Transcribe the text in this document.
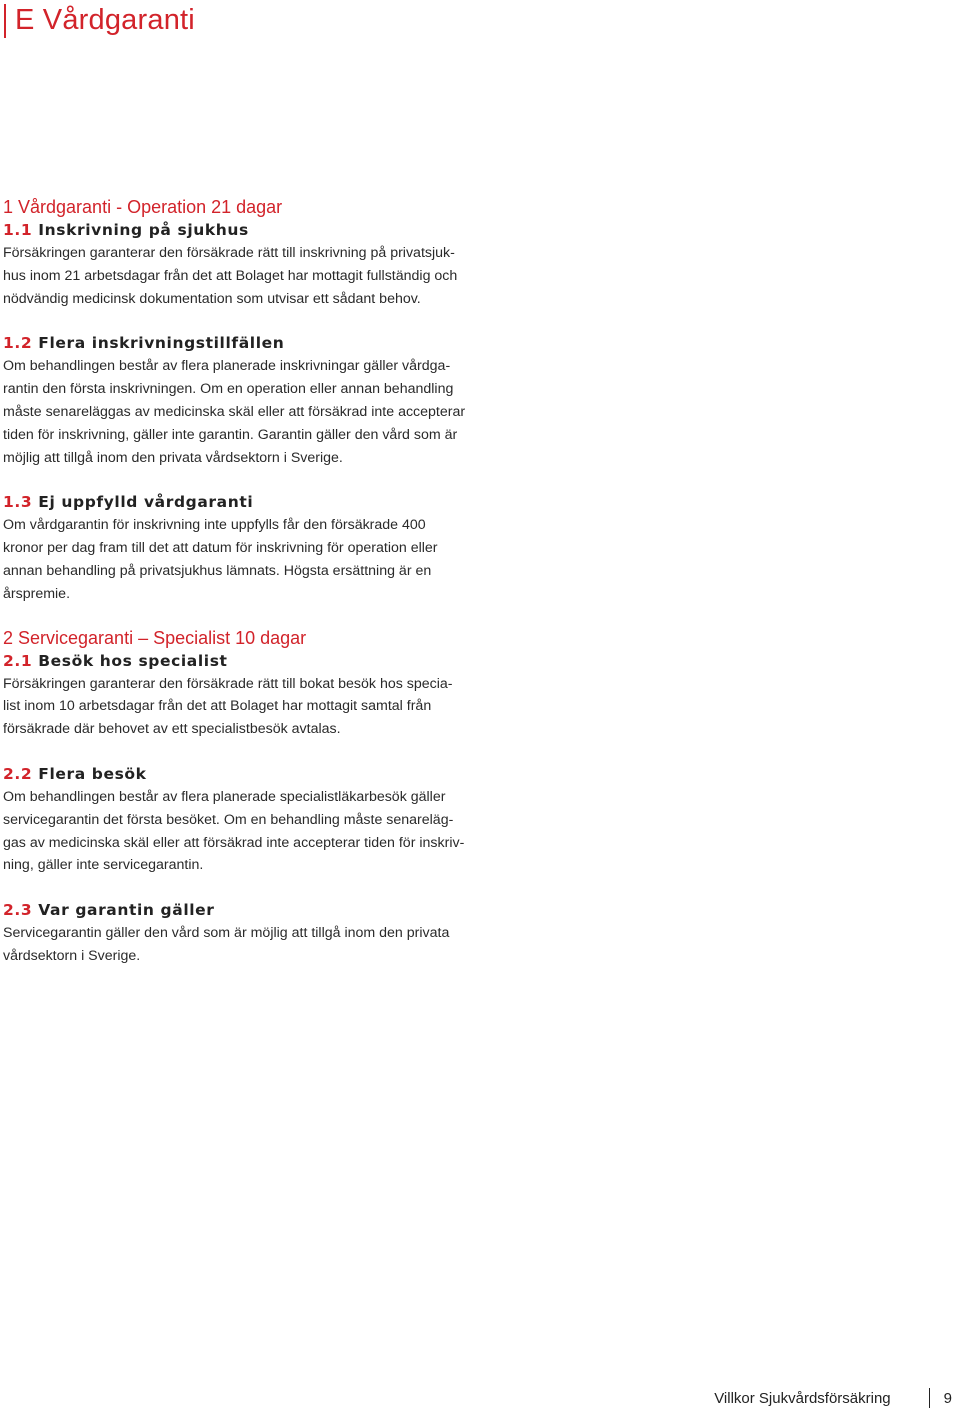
E Vårdgaranti
1 Vårdgaranti - Operation 21 dagar
1.1 Inskrivning på sjukhus

Försäkringen garanterar den försäkrade rätt till inskrivning på privatsjuk-
hus inom 21 arbetsdagar från det att Bolaget har mottagit fullständig och
nödvändig medicinsk dokumentation som utvisar ett sådant behov.

1.2 Flera inskrivningstillfällen

Om behandlingen består av flera planerade inskrivningar gäller vårdga-
rantin den första inskrivningen. Om en operation eller annan behandling
måste senareläggas av medicinska skäl eller att försäkrad inte accepterar
tiden för inskrivning, gäller inte garantin. Garantin gäller den vård som är
möjlig att tillgå inom den privata vårdsektorn i Sverige.

1.3 Ej uppfylld vårdgaranti

Om vårdgarantin för inskrivning inte uppfylls får den försäkrade 400
kronor per dag fram till det att datum för inskrivning för operation eller
annan behandling på privatsjukhus lämnats. Högsta ersättning är en
årspremie.

2 Servicegaranti – Specialist 10 dagar
2.1 Besök hos specialist

Försäkringen garanterar den försäkrade rätt till bokat besök hos specia-
list inom 10 arbetsdagar från det att Bolaget har mottagit samtal från
försäkrade där behovet av ett specialistbesök avtalas.

2.2 Flera besök

Om behandlingen består av flera planerade specialistläkarbesök gäller
servicegarantin det första besöket. Om en behandling måste senareläg-
gas av medicinska skäl eller att försäkrad inte accepterar tiden för inskriv-
ning, gäller inte servicegarantin.

2.3 Var garantin gäller

Servicegarantin gäller den vård som är möjlig att tillgå inom den privata
vårdsektorn i Sverige.

Villkor Sjukvårdsförsäkring	9
